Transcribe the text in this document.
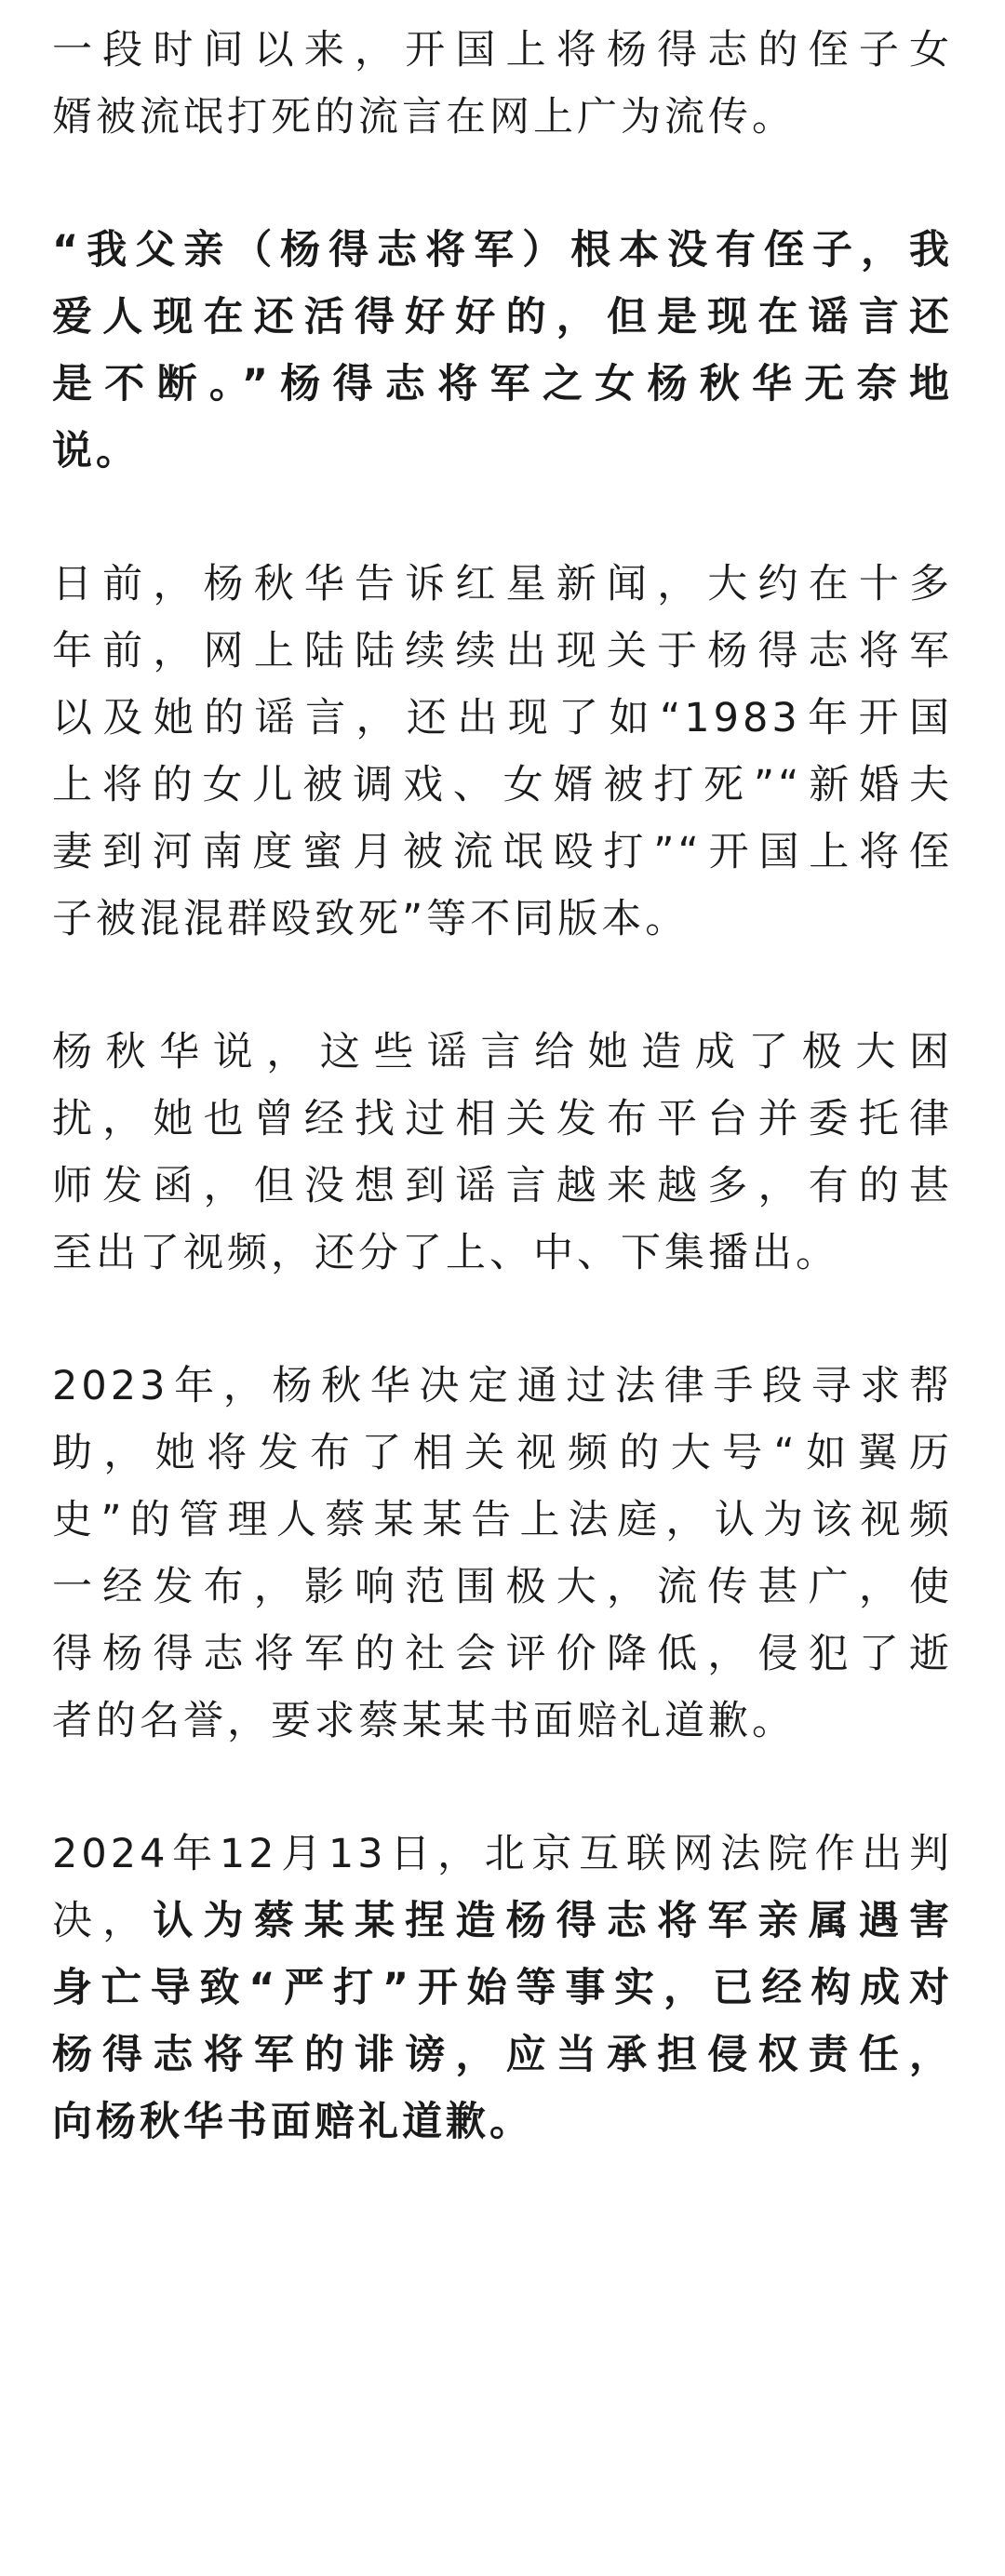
一段时间以来，开国上将杨得志的侄子女
婿被流氓打死的流言在网上广为流传。

“我父亲（杨得志将军）根本没有侄子，我
爱人现在还活得好好的，但是现在谣言还
是不断。”杨得志将军之女杨秋华无奈地
说。

日前，杨秋华告诉红星新闻，大约在十多
年前，网上陆陆续续出现关于杨得志将军
以及她的谣言，还出现了如“1983年开国
上将的女儿被调戏、女婿被打死”“新婚夫
妻到河南度蜜月被流氓殴打”“开国上将侄
子被混混群殴致死”等不同版本。

杨秋华说，这些谣言给她造成了极大困
扰，她也曾经找过相关发布平台并委托律
师发函，但没想到谣言越来越多，有的甚
至出了视频，还分了上、中、下集播出。

2023年，杨秋华决定通过法律手段寻求帮
助，她将发布了相关视频的大号“如翼历
史”的管理人蔡某某告上法庭，认为该视频
一经发布，影响范围极大，流传甚广，使
得杨得志将军的社会评价降低，侵犯了逝
者的名誉，要求蔡某某书面赔礼道歉。

2024年12月13日，北京互联网法院作出判
决，认为蔡某某捏造杨得志将军亲属遇害
身亡导致“严打”开始等事实，已经构成对
杨得志将军的诽谤，应当承担侵权责任，
向杨秋华书面赔礼道歉。
